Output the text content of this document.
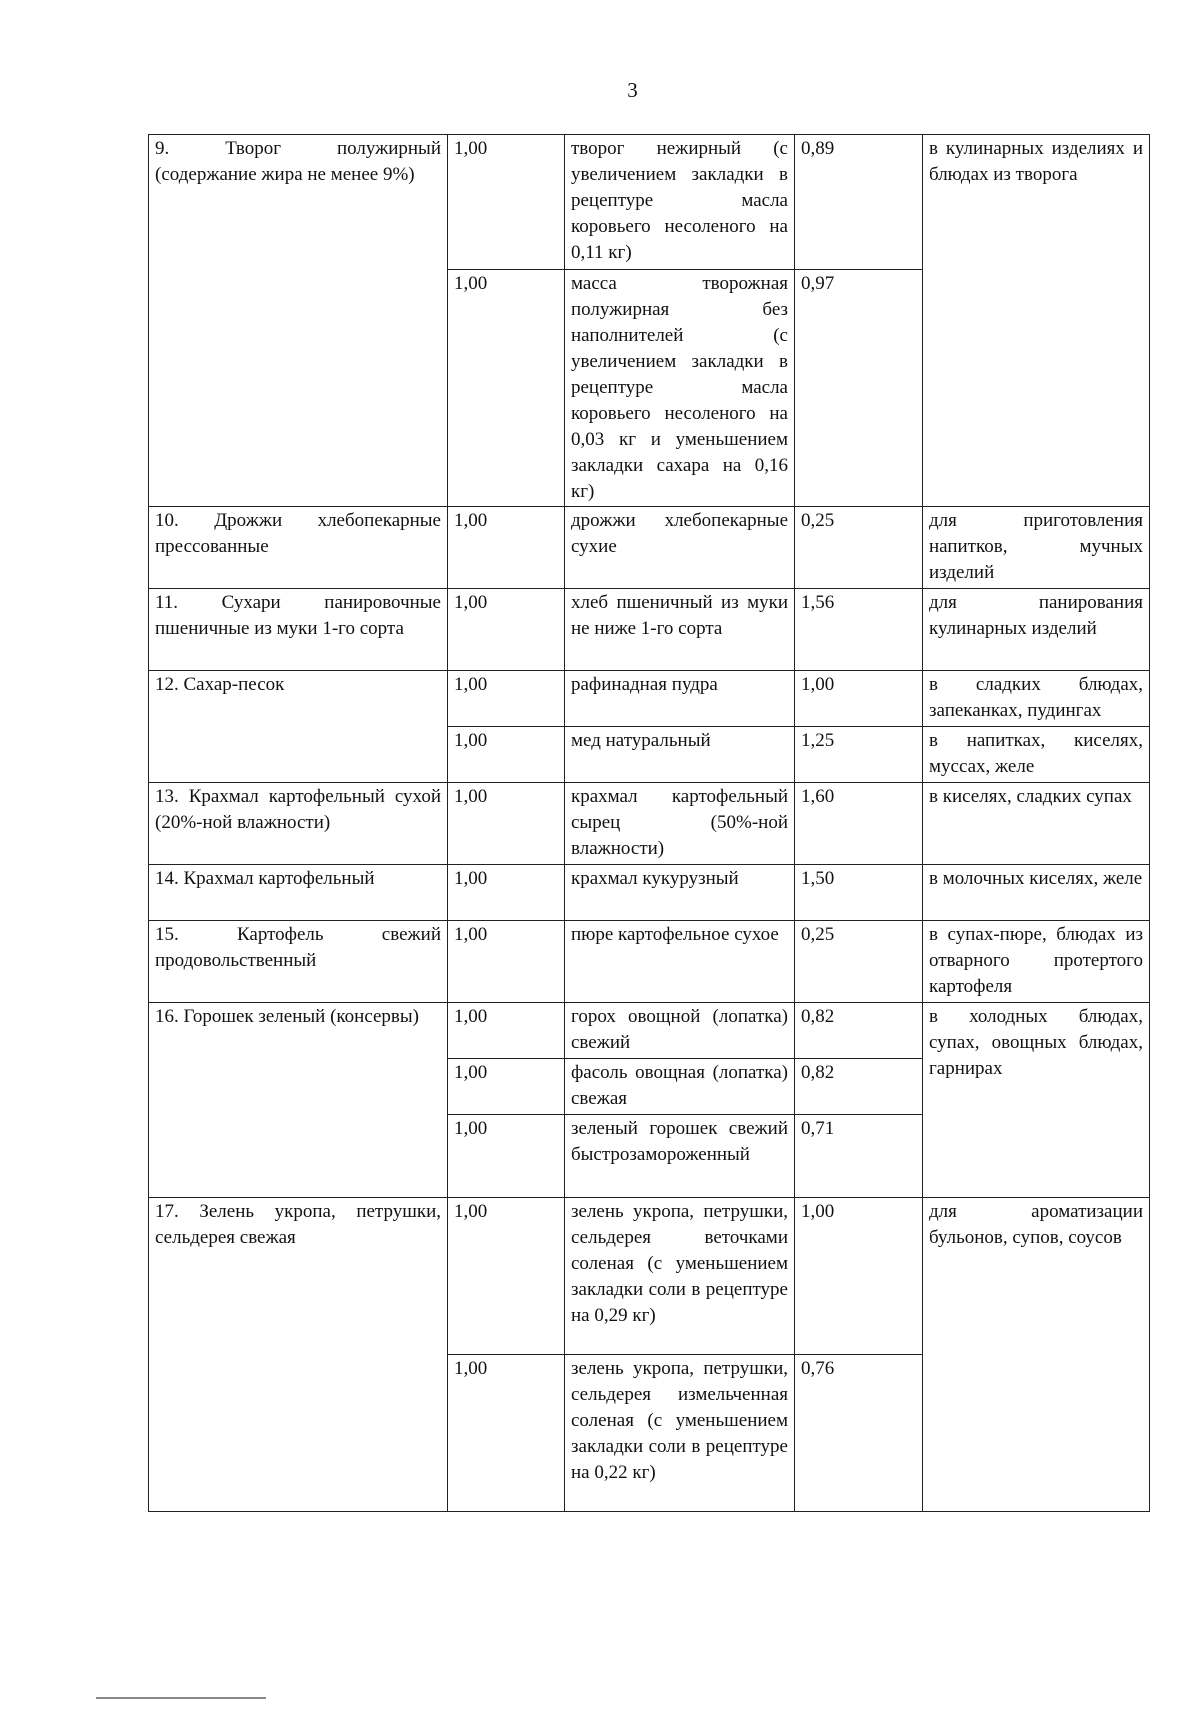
3
9. Творог полужирный (содержание жира не менее 9%)	1,00	творог нежирный (с увеличением закладки в рецептуре масла коровьего несоленого на 0,11 кг)	0,89	в кулинарных изделиях и блюдах из творога
	1,00	масса творожная полужирная без наполнителей (с увеличением закладки в рецептуре масла коровьего несоленого на 0,03 кг и уменьшением закладки сахара на 0,16 кг)	0,97	
10. Дрожжи хлебопекарные прессованные	1,00	дрожжи хлебопекарные сухие	0,25	для приготовления напитков, мучных изделий
11. Сухари панировочные пшеничные из муки 1-го сорта	1,00	хлеб пшеничный из муки не ниже 1-го сорта	1,56	для панирования кулинарных изделий
12. Сахар-песок	1,00	рафинадная пудра	1,00	в сладких блюдах, запеканках, пудингах
	1,00	мед натуральный	1,25	в напитках, киселях, муссах, желе
13. Крахмал картофельный сухой (20%-ной влажности)	1,00	крахмал картофельный сырец (50%-ной влажности)	1,60	в киселях, сладких супах
14. Крахмал картофельный	1,00	крахмал кукурузный	1,50	в молочных киселях, желе
15. Картофель свежий продовольственный	1,00	пюре картофельное сухое	0,25	в супах-пюре, блюдах из отварного протертого картофеля
16. Горошек зеленый (консервы)	1,00	горох овощной (лопатка) свежий	0,82	в холодных блюдах, супах, овощных блюдах, гарнирах
	1,00	фасоль овощная (лопатка) свежая	0,82	
	1,00	зеленый горошек свежий быстрозамороженный	0,71	
17. Зелень укропа, петрушки, сельдерея свежая	1,00	зелень укропа, петрушки, сельдерея веточками соленая (с уменьшением закладки соли в рецептуре на 0,29 кг)	1,00	для ароматизации бульонов, супов, соусов
	1,00	зелень укропа, петрушки, сельдерея измельченная соленая (с уменьшением закладки соли в рецептуре на 0,22 кг)	0,76	
